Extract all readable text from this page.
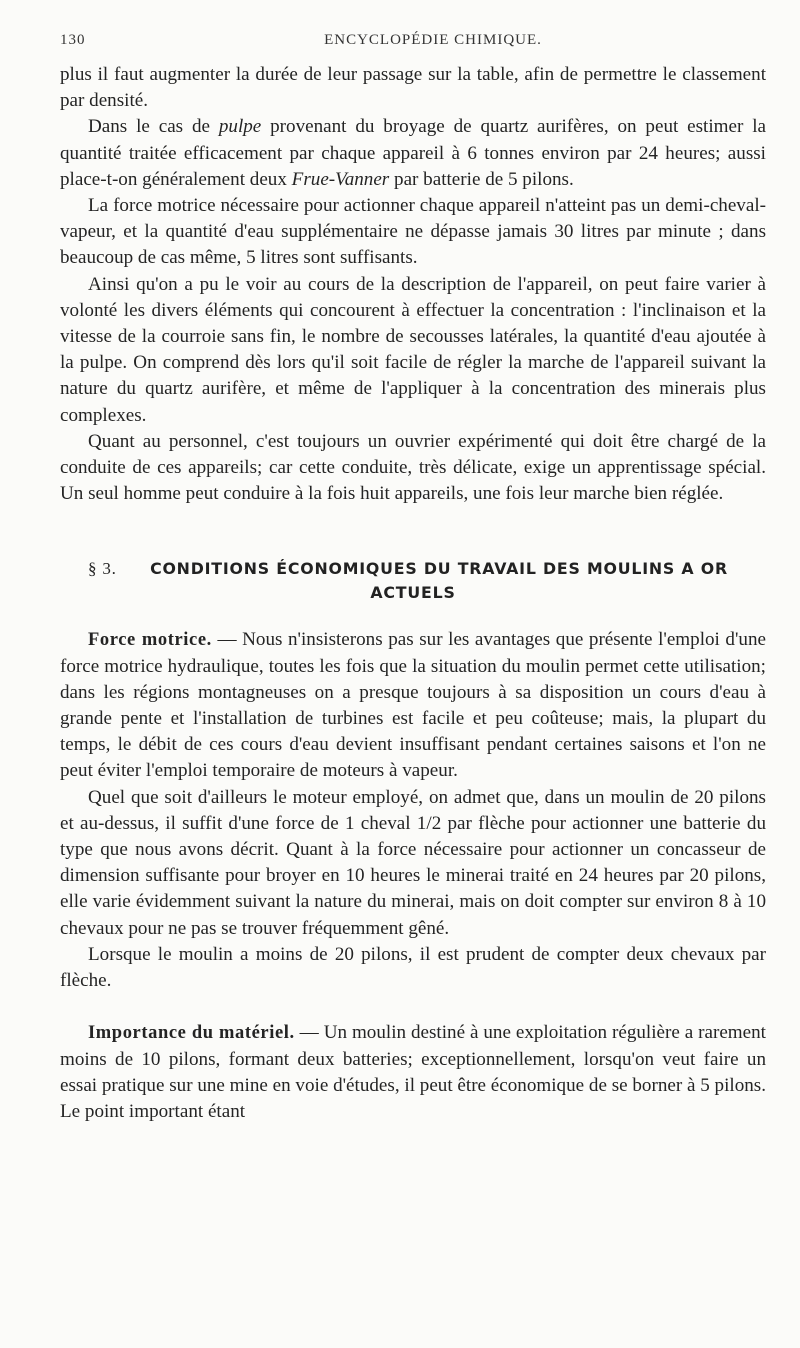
130	ENCYCLOPÉDIE CHIMIQUE.

plus il faut augmenter la durée de leur passage sur la table, afin de permettre le classement par densité.

Dans le cas de pulpe provenant du broyage de quartz aurifères, on peut estimer la quantité traitée efficacement par chaque appareil à 6 tonnes environ par 24 heures; aussi place-t-on généralement deux Frue-Vanner par batterie de 5 pilons.

La force motrice nécessaire pour actionner chaque appareil n'atteint pas un demi-cheval-vapeur, et la quantité d'eau supplémentaire ne dépasse jamais 30 litres par minute ; dans beaucoup de cas même, 5 litres sont suffisants.

Ainsi qu'on a pu le voir au cours de la description de l'appareil, on peut faire varier à volonté les divers éléments qui concourent à effectuer la concentration : l'inclinaison et la vitesse de la courroie sans fin, le nombre de secousses latérales, la quantité d'eau ajoutée à la pulpe. On comprend dès lors qu'il soit facile de régler la marche de l'appareil suivant la nature du quartz aurifère, et même de l'appliquer à la concentration des minerais plus complexes.

Quant au personnel, c'est toujours un ouvrier expérimenté qui doit être chargé de la conduite de ces appareils; car cette conduite, très délicate, exige un apprentissage spécial. Un seul homme peut conduire à la fois huit appareils, une fois leur marche bien réglée.

§ 3. CONDITIONS ÉCONOMIQUES DU TRAVAIL DES MOULINS A OR
ACTUELS

Force motrice. — Nous n'insisterons pas sur les avantages que présente l'emploi d'une force motrice hydraulique, toutes les fois que la situation du moulin permet cette utilisation; dans les régions montagneuses on a presque toujours à sa disposition un cours d'eau à grande pente et l'installation de turbines est facile et peu coûteuse; mais, la plupart du temps, le débit de ces cours d'eau devient insuffisant pendant certaines saisons et l'on ne peut éviter l'emploi temporaire de moteurs à vapeur.

Quel que soit d'ailleurs le moteur employé, on admet que, dans un moulin de 20 pilons et au-dessus, il suffit d'une force de 1 cheval 1/2 par flèche pour actionner une batterie du type que nous avons décrit. Quant à la force nécessaire pour actionner un concasseur de dimension suffisante pour broyer en 10 heures le minerai traité en 24 heures par 20 pilons, elle varie évidemment suivant la nature du minerai, mais on doit compter sur environ 8 à 10 chevaux pour ne pas se trouver fréquemment gêné.

Lorsque le moulin a moins de 20 pilons, il est prudent de compter deux chevaux par flèche.

Importance du matériel. — Un moulin destiné à une exploitation régulière a rarement moins de 10 pilons, formant deux batteries; exceptionnellement, lorsqu'on veut faire un essai pratique sur une mine en voie d'études, il peut être économique de se borner à 5 pilons. Le point important étant
